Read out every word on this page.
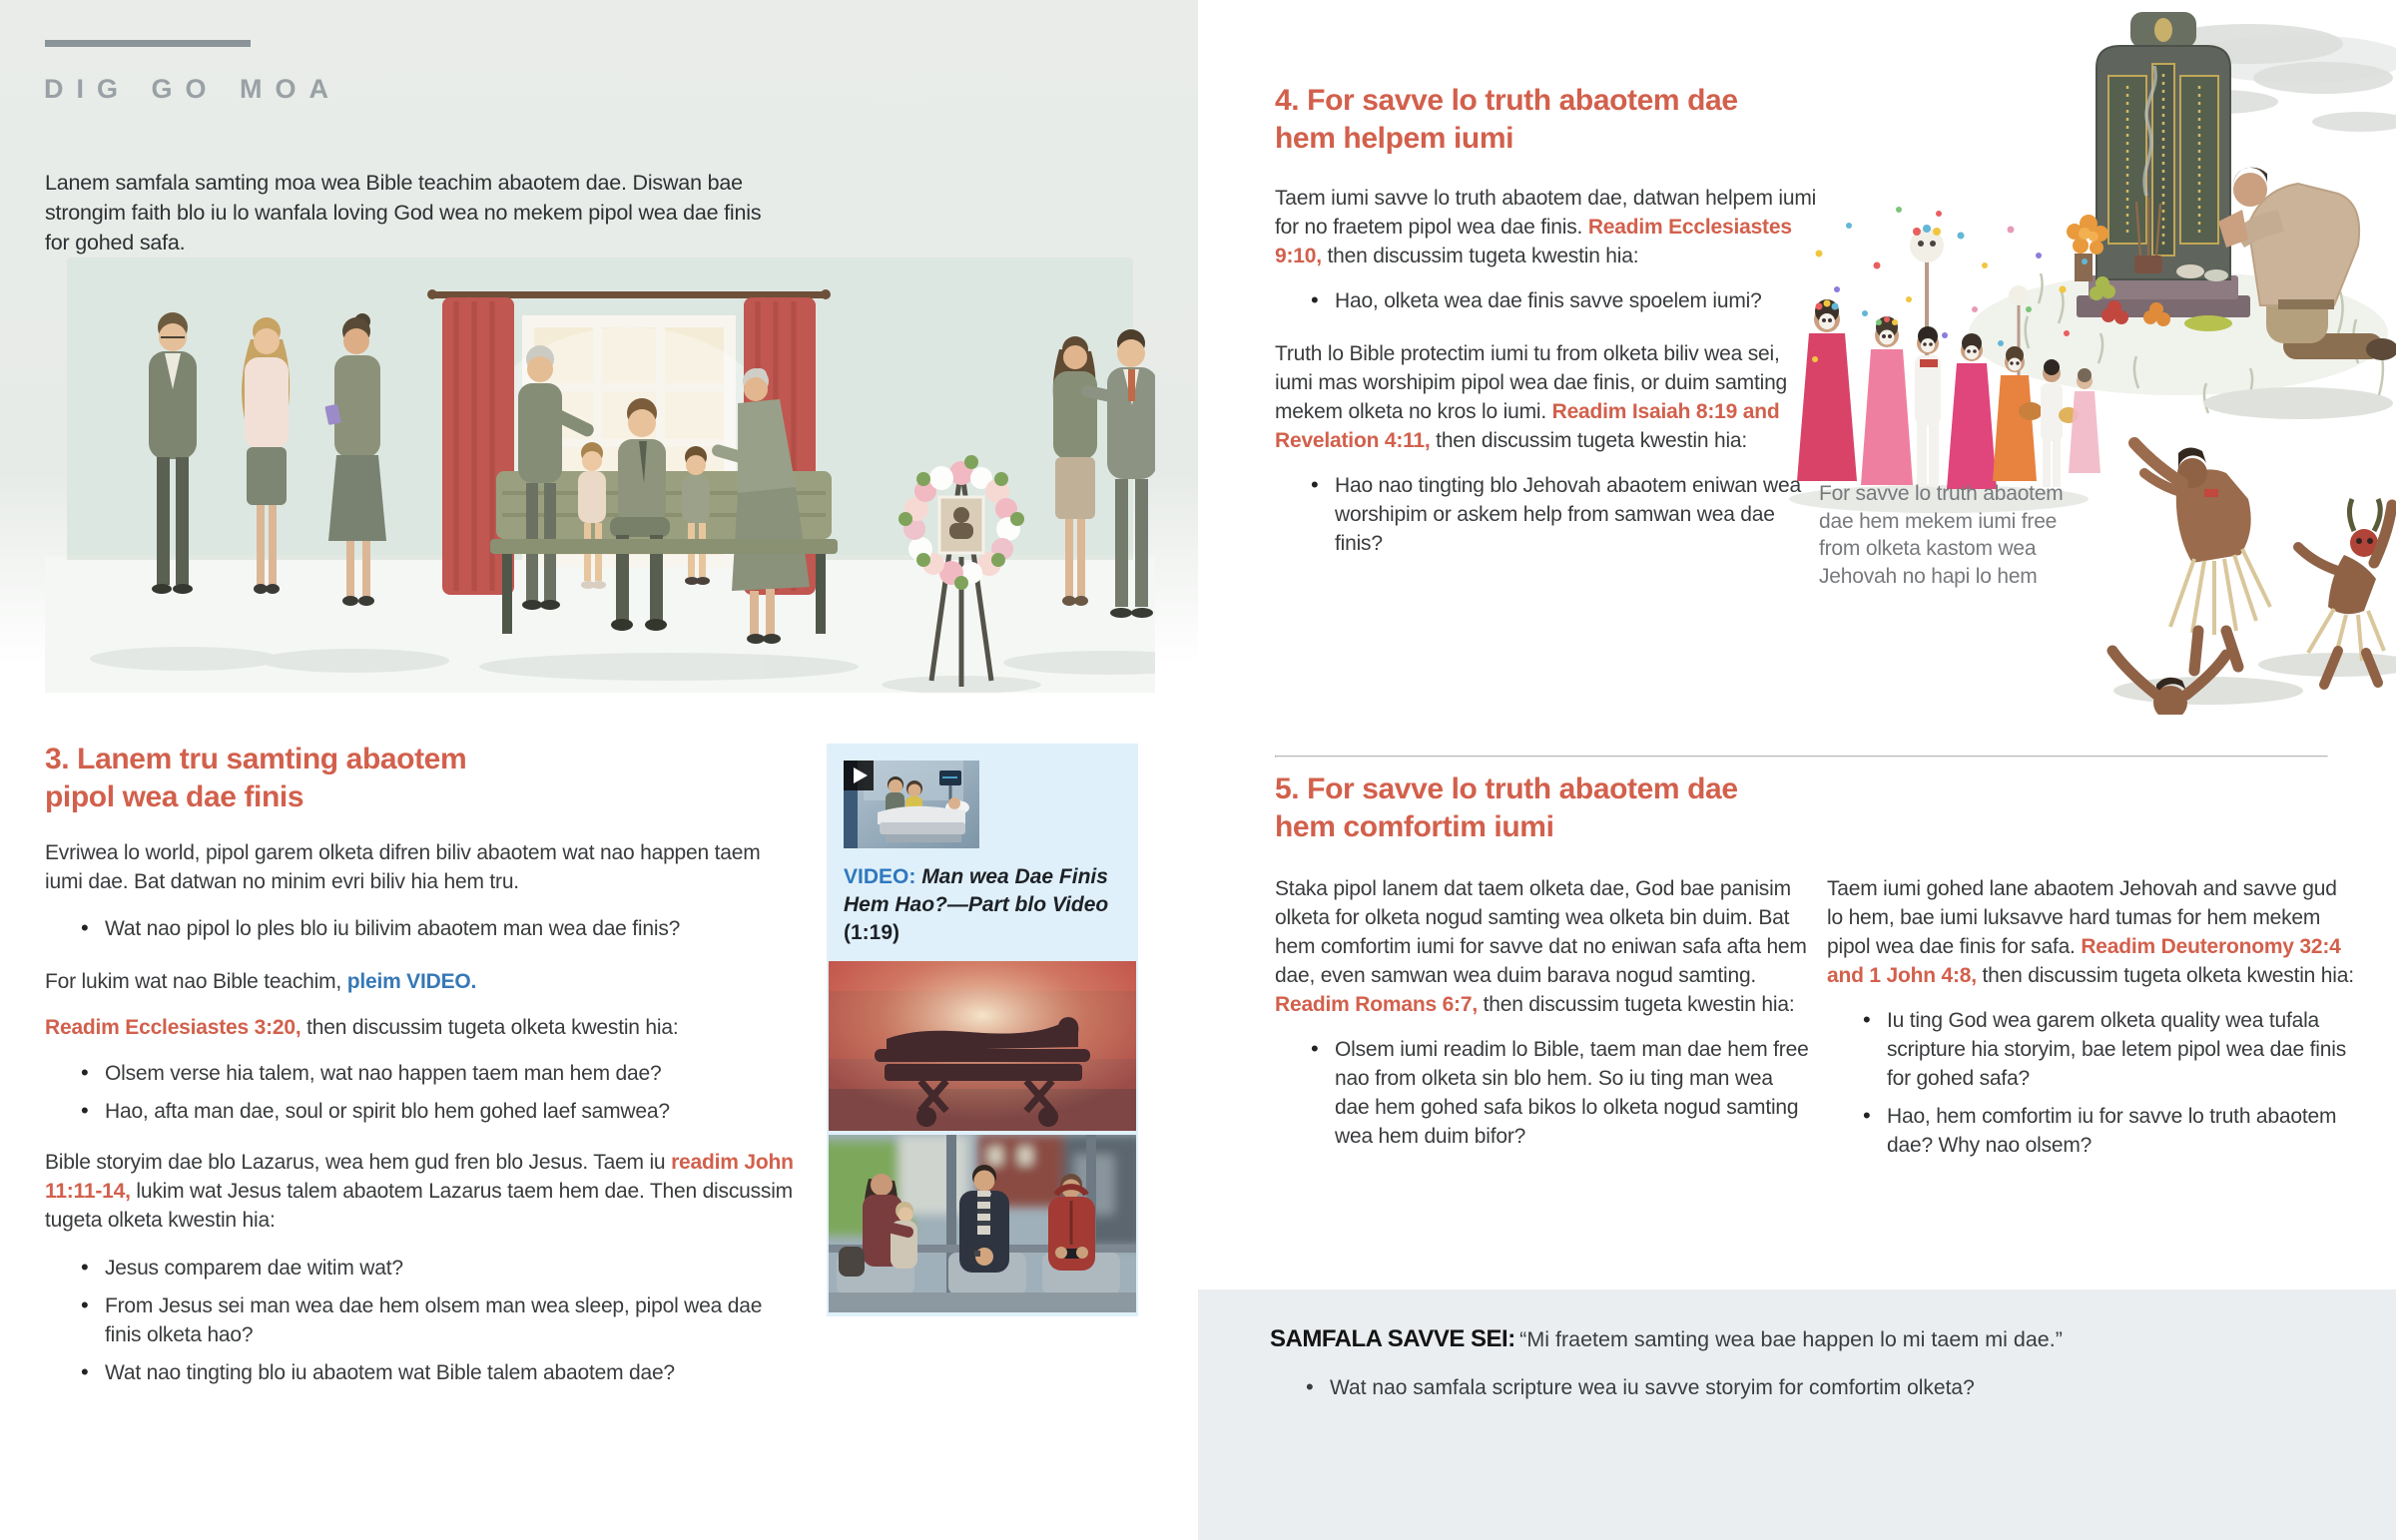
DIG GO MOA

Lanem samfala samting moa wea Bible teachim abaotem dae. Diswan bae strongim faith blo iu lo wanfala loving God wea no mekem pipol wea dae finis for gohed safa.

3. Lanem tru samting abaotem pipol wea dae finis

Evriwea lo world, pipol garem olketa difren biliv abaotem wat nao happen taem iumi dae. Bat datwan no minim evri biliv hia hem tru.

• Wat nao pipol lo ples blo iu bilivim abaotem man wea dae finis?

For lukim wat nao Bible teachim, pleim VIDEO.

Readim Ecclesiastes 3:20, then discussim tugeta olketa kwestin hia:

• Olsem verse hia talem, wat nao happen taem man hem dae?
• Hao, afta man dae, soul or spirit blo hem gohed laef samwea?

Bible storyim dae blo Lazarus, wea hem gud fren blo Jesus. Taem iu readim John 11:11-14, lukim wat Jesus talem abaotem Lazarus taem hem dae. Then discussim tugeta olketa kwestin hia:

• Jesus comparem dae witim wat?
• From Jesus sei man wea dae hem olsem man wea sleep, pipol wea dae finis olketa hao?
• Wat nao tingting blo iu abaotem wat Bible talem abaotem dae?

VIDEO: Man wea Dae Finis Hem Hao?—Part blo Video (1:19)

4. For savve lo truth abaotem dae hem helpem iumi

Taem iumi savve lo truth abaotem dae, datwan helpem iumi for no fraetem pipol wea dae finis. Readim Ecclesiastes 9:10, then discussim tugeta kwestin hia:

• Hao, olketa wea dae finis savve spoelem iumi?

Truth lo Bible protectim iumi tu from olketa biliv wea sei, iumi mas worshipim pipol wea dae finis, or duim samting mekem olketa no kros lo iumi. Readim Isaiah 8:19 and Revelation 4:11, then discussim tugeta kwestin hia:

• Hao nao tingting blo Jehovah abaotem eniwan wea worshipim or askem help from samwan wea dae finis?

For savve lo truth abaotem dae hem mekem iumi free from olketa kastom wea Jehovah no hapi lo hem

5. For savve lo truth abaotem dae hem comfortim iumi

Staka pipol lanem dat taem olketa dae, God bae panisim olketa for olketa nogud samting wea olketa bin duim. Bat hem comfortim iumi for savve dat no eniwan safa afta hem dae, even samwan wea duim barava nogud samting. Readim Romans 6:7, then discussim tugeta kwestin hia:

• Olsem iumi readim lo Bible, taem man dae hem free nao from olketa sin blo hem. So iu ting man wea dae hem gohed safa bikos lo olketa nogud samting wea hem duim bifor?

Taem iumi gohed lane abaotem Jehovah and savve gud lo hem, bae iumi luksavve hard tumas for hem mekem pipol wea dae finis for safa. Readim Deuteronomy 32:4 and 1 John 4:8, then discussim tugeta olketa kwestin hia:

• Iu ting God wea garem olketa quality wea tufala scripture hia storyim, bae letem pipol wea dae finis for gohed safa?
• Hao, hem comfortim iu for savve lo truth abaotem dae? Why nao olsem?

SAMFALA SAVVE SEI: “Mi fraetem samting wea bae happen lo mi taem mi dae.”

• Wat nao samfala scripture wea iu savve storyim for comfortim olketa?
